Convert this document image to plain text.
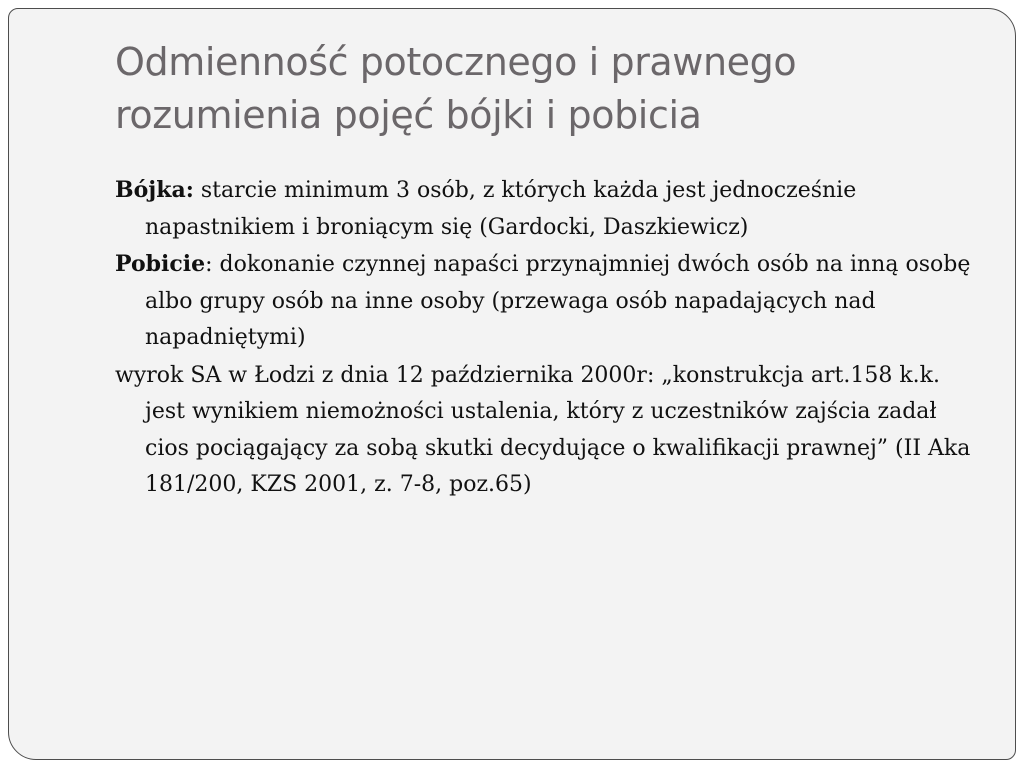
Odmienność potocznego i prawnego rozumienia pojęć bójki i pobicia

Bójka: starcie minimum 3 osób, z których każda jest jednocześnie napastnikiem i broniącym się (Gardocki, Daszkiewicz)

Pobicie: dokonanie czynnej napaści przynajmniej dwóch osób na inną osobę albo grupy osób na inne osoby (przewaga osób napadających nad napadniętymi)

wyrok SA w Łodzi z dnia 12 października 2000r: „konstrukcja art.158 k.k. jest wynikiem niemożności ustalenia, który z uczestników zajścia zadał cios pociągający za sobą skutki decydujące o kwalifikacji prawnej” (II Aka 181/200, KZS 2001, z. 7-8, poz.65)
